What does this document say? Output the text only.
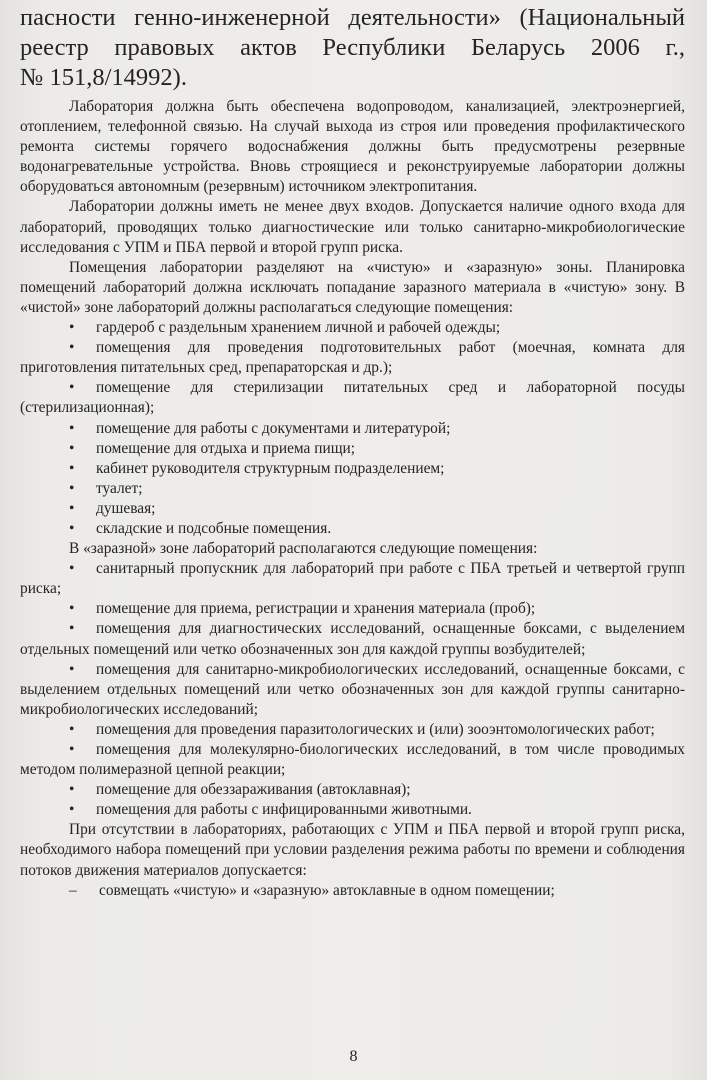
пасности генно-инженерной деятельности» (Национальный
реестр правовых актов Республики Беларусь 2006 г.,
№ 151,8/14992).
Лаборатория должна быть обеспечена водопроводом, канализацией, электроэнергией, отоплением, телефонной связью. На случай выхода из строя или проведения профилактического ремонта системы горячего водоснабжения должны быть предусмотрены резервные водонагревательные устройства. Вновь строящиеся и реконструируемые лаборатории должны оборудоваться автономным (резервным) источником электропитания.
Лаборатории должны иметь не менее двух входов. Допускается наличие одного входа для лабораторий, проводящих только диагностические или только санитарно-микробиологические исследования с УПМ и ПБА первой и второй групп риска.
Помещения лаборатории разделяют на «чистую» и «заразную» зоны. Планировка помещений лабораторий должна исключать попадание заразного материала в «чистую» зону. В «чистой» зоне лабораторий должны располагаться следующие помещения:
• гардероб с раздельным хранением личной и рабочей одежды;
• помещения для проведения подготовительных работ (моечная, комната для приготовления питательных сред, препараторская и др.);
• помещение для стерилизации питательных сред и лабораторной посуды (стерилизационная);
• помещение для работы с документами и литературой;
• помещение для отдыха и приема пищи;
• кабинет руководителя структурным подразделением;
• туалет;
• душевая;
• складские и подсобные помещения.
В «заразной» зоне лабораторий располагаются следующие помещения:
• санитарный пропускник для лабораторий при работе с ПБА третьей и четвертой групп риска;
• помещение для приема, регистрации и хранения материала (проб);
• помещения для диагностических исследований, оснащенные боксами, с выделением отдельных помещений или четко обозначенных зон для каждой группы возбудителей;
• помещения для санитарно-микробиологических исследований, оснащенные боксами, с выделением отдельных помещений или четко обозначенных зон для каждой группы санитарно-микробиологических исследований;
• помещения для проведения паразитологических и (или) зооэнтомологических работ;
• помещения для молекулярно-биологических исследований, в том числе проводимых методом полимеразной цепной реакции;
• помещение для обеззараживания (автоклавная);
• помещения для работы с инфицированными животными.
При отсутствии в лабораториях, работающих с УПМ и ПБА первой и второй групп риска, необходимого набора помещений при условии разделения режима работы по времени и соблюдения потоков движения материалов допускается:
– совмещать «чистую» и «заразную» автоклавные в одном помещении;
8
